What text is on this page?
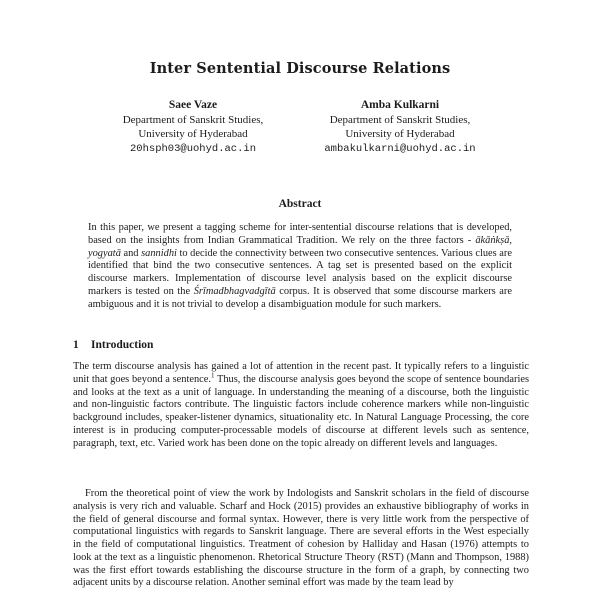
Inter Sentential Discourse Relations
Saee Vaze
Department of Sanskrit Studies,
University of Hyderabad
20hsph03@uohyd.ac.in
Amba Kulkarni
Department of Sanskrit Studies,
University of Hyderabad
ambakulkarni@uohyd.ac.in
Abstract
In this paper, we present a tagging scheme for inter-sentential discourse relations that is developed, based on the insights from Indian Grammatical Tradition. We rely on the three factors - ākāṅkṣā, yogyatā and sannidhi to decide the connectivity between two consecutive sentences. Various clues are identified that bind the two consecutive sentences. A tag set is presented based on the explicit discourse markers. Implementation of discourse level analysis based on the explicit discourse markers is tested on the Śrīmadbhagvadgītā corpus. It is observed that some discourse markers are ambiguous and it is not trivial to develop a disambiguation module for such markers.
1 Introduction
The term discourse analysis has gained a lot of attention in the recent past. It typically refers to a linguistic unit that goes beyond a sentence.$^1$ Thus, the discourse analysis goes beyond the scope of sentence boundaries and looks at the text as a unit of language. In understanding the meaning of a discourse, both the linguistic and non-linguistic factors contribute. The linguistic factors include coherence markers while non-linguistic background includes, speaker-listener dynamics, situationality etc. In Natural Language Processing, the core interest is in producing computer-processable models of discourse at different levels such as sentence, paragraph, text, etc. Varied work has been done on the topic already on different levels and languages.
From the theoretical point of view the work by Indologists and Sanskrit scholars in the field of discourse analysis is very rich and valuable. Scharf and Hock (2015) provides an exhaustive bibliography of works in the field of general discourse and formal syntax. However, there is very little work from the perspective of computational linguistics with regards to Sanskrit language. There are several efforts in the West especially in the field of computational linguistics. Treatment of cohesion by Halliday and Hasan (1976) attempts to look at the text as a linguistic phenomenon. Rhetorical Structure Theory (RST) (Mann and Thompson, 1988) was the first effort towards establishing the discourse structure in the form of a graph, by connecting two adjacent units by a discourse relation. Another seminal effort was made by the team lead by
